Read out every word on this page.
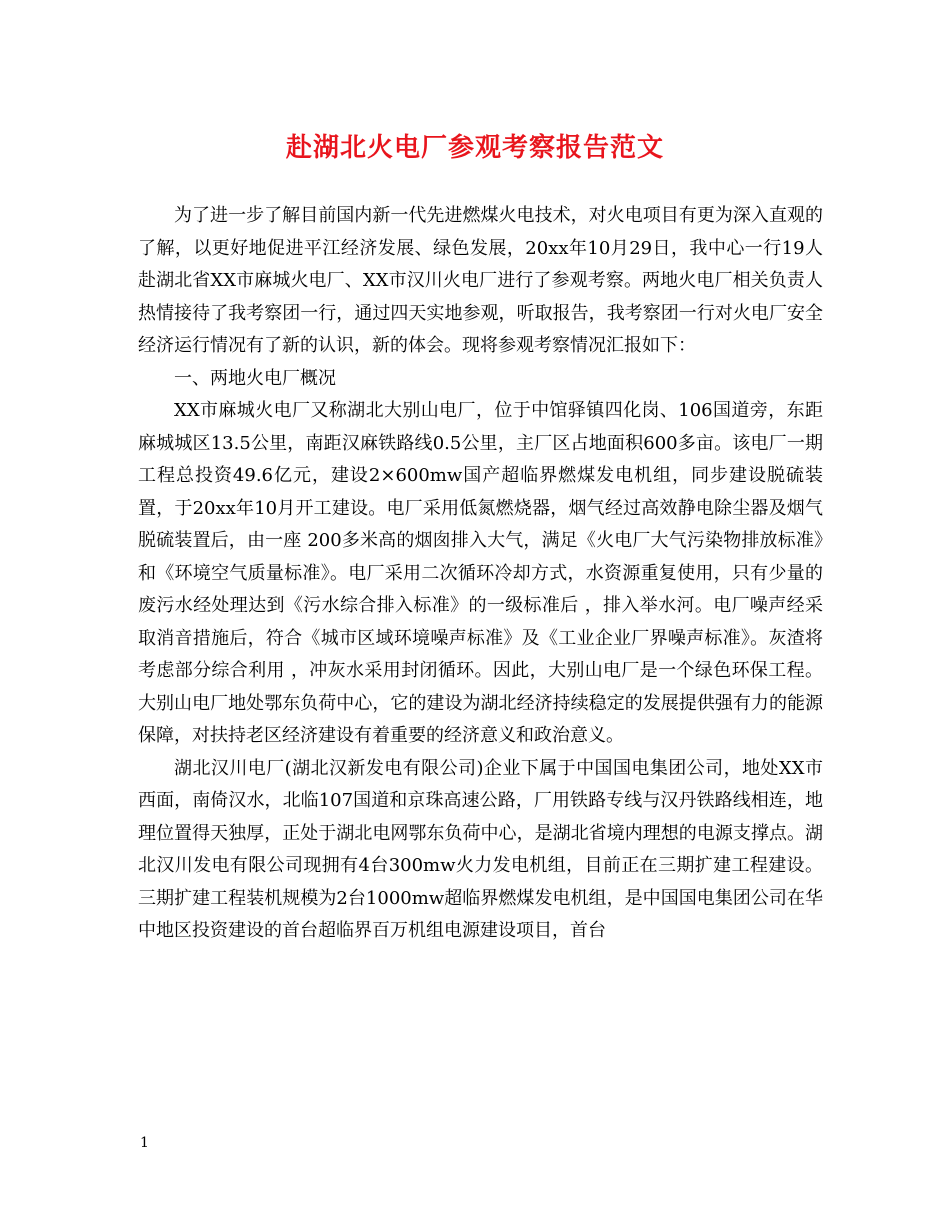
赴湖北火电厂参观考察报告范文

为了进一步了解目前国内新一代先进燃煤火电技术，对火电项目有更为深入直观的了解，以更好地促进平江经济发展、绿色发展，20xx年10月29日，我中心一行19人赴湖北省XX市麻城火电厂、XX市汉川火电厂进行了参观考察。两地火电厂相关负责人热情接待了我考察团一行，通过四天实地参观，听取报告，我考察团一行对火电厂安全经济运行情况有了新的认识，新的体会。现将参观考察情况汇报如下：

一、两地火电厂概况

XX市麻城火电厂又称湖北大别山电厂，位于中馆驿镇四化岗、106国道旁，东距麻城城区13.5公里，南距汉麻铁路线0.5公里，主厂区占地面积600多亩。该电厂一期工程总投资49.6亿元，建设2×600mw国产超临界燃煤发电机组，同步建设脱硫装置，于20xx年10月开工建设。电厂采用低氮燃烧器，烟气经过高效静电除尘器及烟气脱硫装置后，由一座 200多米高的烟囱排入大气，满足《火电厂大气污染物排放标准》和《环境空气质量标准》。电厂采用二次循环冷却方式，水资源重复使用，只有少量的废污水经处理达到《污水综合排入标准》的一级标准后 ，排入举水河。电厂噪声经采取消音措施后，符合《城市区域环境噪声标准》及《工业企业厂界噪声标准》。灰渣将考虑部分综合利用 ，冲灰水采用封闭循环。因此，大别山电厂是一个绿色环保工程。大别山电厂地处鄂东负荷中心，它的建设为湖北经济持续稳定的发展提供强有力的能源保障，对扶持老区经济建设有着重要的经济意义和政治意义。

湖北汉川电厂(湖北汉新发电有限公司)企业下属于中国国电集团公司，地处XX市西面，南倚汉水，北临107国道和京珠高速公路，厂用铁路专线与汉丹铁路线相连，地理位置得天独厚，正处于湖北电网鄂东负荷中心，是湖北省境内理想的电源支撑点。湖北汉川发电有限公司现拥有4台300mw火力发电机组，目前正在三期扩建工程建设。三期扩建工程装机规模为2台1000mw超临界燃煤发电机组，是中国国电集团公司在华中地区投资建设的首台超临界百万机组电源建设项目，首台

1
